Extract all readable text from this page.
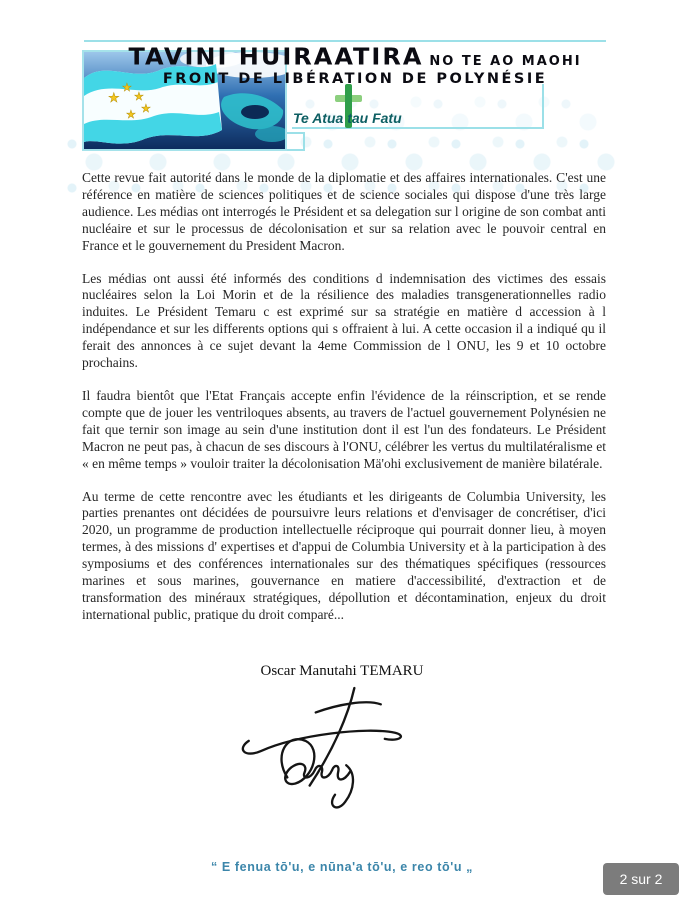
TAVINI HUIRAATIRA NO TE AO MAOHI
FRONT DE LIBÉRATION DE POLYNÉSIE
★
★
★
★
★	Te Atua tau Fatu

Cette revue fait autorité dans le monde de la diplomatie et des affaires internationales. C'est une référence en matière de sciences politiques et de science sociales qui dispose d'une très large audience. Les médias ont interrogés le Président et sa delegation sur l origine de son combat anti nucléaire et sur le processus de décolonisation et sur sa relation avec le pouvoir central en France et le gouvernement du President Macron.

Les médias ont aussi été informés des conditions d indemnisation des victimes des essais nucléaires selon la Loi Morin et de la résilience des maladies transgenerationnelles radio induites. Le Président Temaru c est exprimé sur sa stratégie en matière d accession à l indépendance et sur les differents options qui s offraient à lui. A cette occasion il a indiqué qu il ferait des annonces à ce sujet devant la 4eme Commission de l ONU, les 9 et 10 octobre prochains.

Il faudra bientôt que l'Etat Français accepte enfin l'évidence de la réinscription, et se rende compte que de jouer les ventriloques absents, au travers de l'actuel gouvernement Polynésien ne fait que ternir son image au sein d'une institution dont il est l'un des fondateurs. Le Président Macron ne peut pas, à chacun de ses discours à l'ONU, célébrer les vertus du multilatéralisme et « en même temps » vouloir traiter la décolonisation Mä'ohi exclusivement de manière bilatérale.

Au terme de cette rencontre avec les étudiants et les dirigeants de Columbia University, les parties prenantes ont décidées de poursuivre leurs relations et d'envisager de concrétiser, d'ici 2020, un programme de production intellectuelle réciproque qui pourrait donner lieu, à moyen termes, à des missions d' expertises et d'appui de Columbia University et à la participation à des symposiums et des conférences internationales sur des thématiques spécifiques (ressources marines et sous marines, gouvernance en matiere d'accessibilité, d'extraction et de transformation des minéraux stratégiques, dépollution et décontamination, enjeux du droit international public, pratique du droit comparé...

Oscar Manutahi TEMARU
“ E fenua tō'u, e nūna'a tō'u, e reo tō'u „
2 sur 2
